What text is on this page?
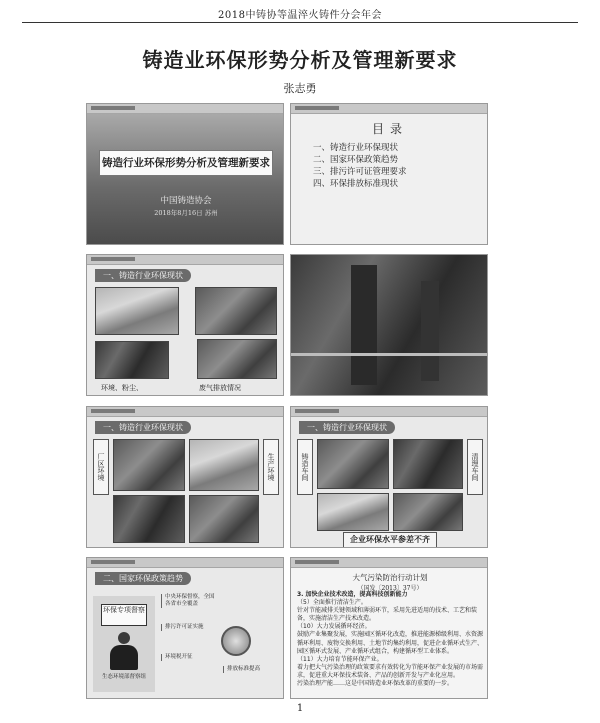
2018中铸协等温淬火铸件分会年会
铸造业环保形势分析及管理新要求
张志勇
铸造行业环保形势分析及管理新要求
中国铸造协会
2018年8月16日 苏州
目录
一、铸造行业环保现状
二、国家环保政策趋势
三、排污许可证管理要求
四、环保排放标准现状
一、铸造行业环保现状
环境、粉尘、	废气排放情况
一、铸造行业环保现状
厂区环境	生产环境
一、铸造行业环保现状
铸造车间	清理车间
企业环保水平参差不齐
二、国家环保政策趋势
环保专项督察
生态环境部督察组
中央环保督察，全国各省市全覆盖
排污许可证实施
环境税开征
排放标准提高
大气污染防治行动计划
（国发〔2013〕37号）

3. 加快企业技术改造，提高科技创新能力

（5）全面推行清洁生产。

针对节能减排关键领域和薄弱环节，采用先进适用的技术、工艺和装备，实施清洁生产技术改造。

（10）大力发展循环经济。

鼓励产业集聚发展，实施园区循环化改造，推进能源梯级利用、水资源循环利用、废物交换利用、土地节约集约利用，促进企业循环式生产、园区循环式发展、产业循环式组合，构建循环型工业体系。

（11）大力培育节能环保产业。

着力把大气污染治理的政策要求有效转化为节能环保产业发展的市场需求，促进重大环保技术装备、产品的创新开发与产业化应用。

污染治理产能……这是中国铸造业环保改革的重要的一步。

1
